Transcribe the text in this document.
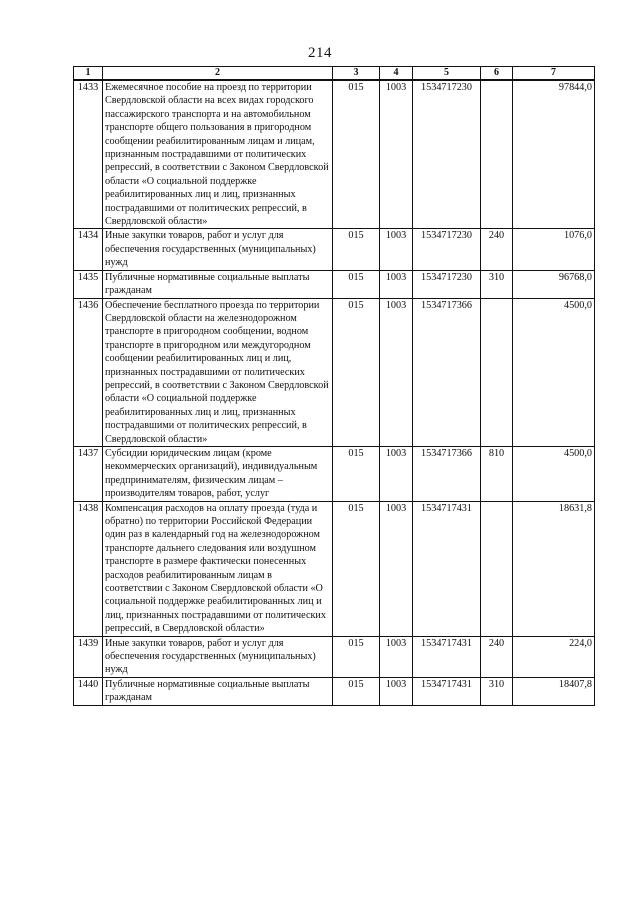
214
1	2	3	4	5	6	7
1433	Ежемесячное пособие на проезд по территории Свердловской области на всех видах городского пассажирского транспорта и на автомобильном транспорте общего пользования в пригородном сообщении реабилитированным лицам и лицам, признанным пострадавшими от политических репрессий, в соответствии с Законом Свердловской области «О социальной поддержке реабилитированных лиц и лиц, признанных пострадавшими от политических репрессий, в Свердловской области»	015	1003	1534717230		97844,0
1434	Иные закупки товаров, работ и услуг для обеспечения государственных (муниципальных) нужд	015	1003	1534717230	240	1076,0
1435	Публичные нормативные социальные выплаты гражданам	015	1003	1534717230	310	96768,0
1436	Обеспечение бесплатного проезда по территории Свердловской области на железнодорожном транспорте в пригородном сообщении, водном транспорте в пригородном или междугородном сообщении реабилитированных лиц и лиц, признанных пострадавшими от политических репрессий, в соответствии с Законом Свердловской области «О социальной поддержке реабилитированных лиц и лиц, признанных пострадавшими от политических репрессий, в Свердловской области»	015	1003	1534717366		4500,0
1437	Субсидии юридическим лицам (кроме некоммерческих организаций), индивидуальным предпринимателям, физическим лицам – производителям товаров, работ, услуг	015	1003	1534717366	810	4500,0
1438	Компенсация расходов на оплату проезда (туда и обратно) по территории Российской Федерации один раз в календарный год на железнодорожном транспорте дальнего следования или воздушном транспорте в размере фактически понесенных расходов реабилитированным лицам в соответствии с Законом Свердловской области «О социальной поддержке реабилитированных лиц и лиц, признанных пострадавшими от политических репрессий, в Свердловской области»	015	1003	1534717431		18631,8
1439	Иные закупки товаров, работ и услуг для обеспечения государственных (муниципальных) нужд	015	1003	1534717431	240	224,0
1440	Публичные нормативные социальные выплаты гражданам	015	1003	1534717431	310	18407,8
